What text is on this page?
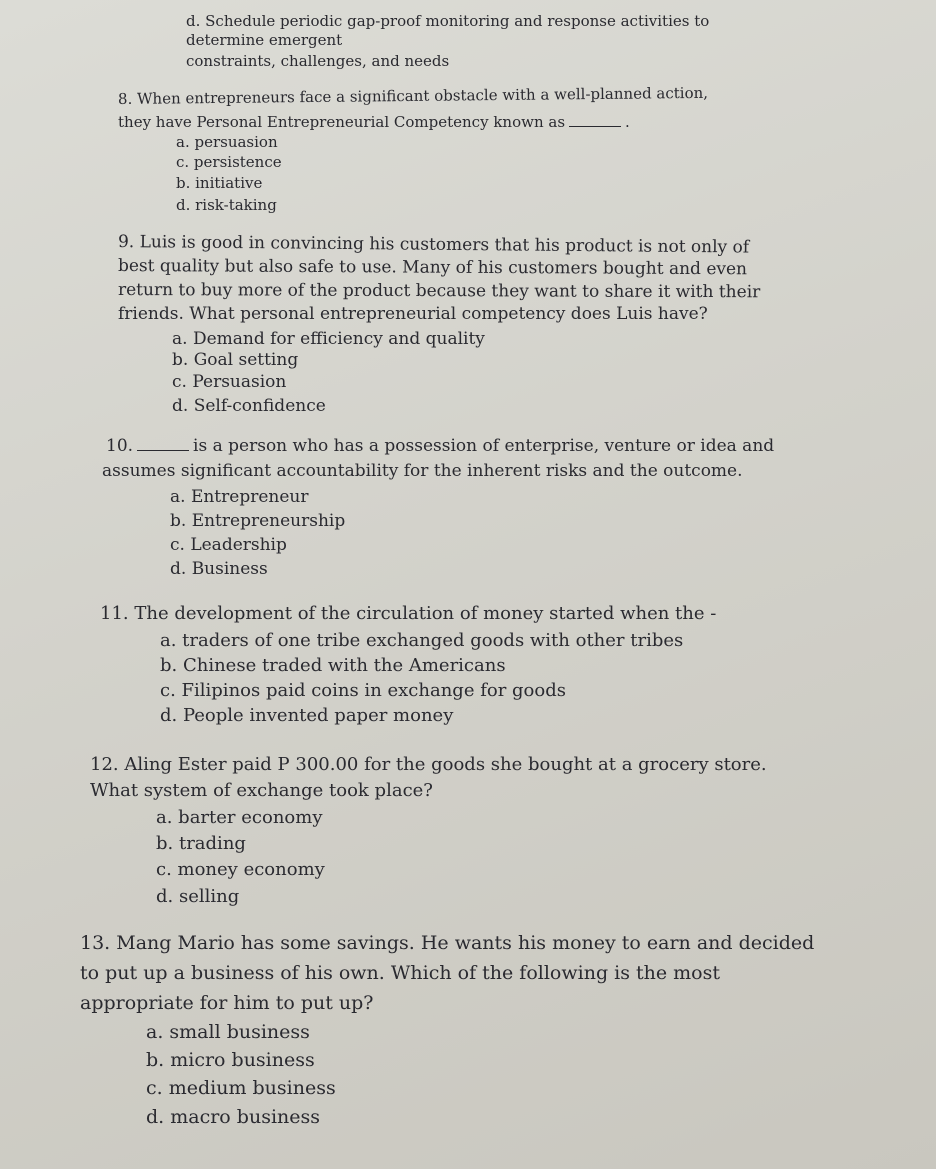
d. Schedule periodic gap-proof monitoring and response activities to

determine emergent

constraints, challenges, and needs

8. When entrepreneurs face a significant obstacle with a well-planned action,

they have Personal Entrepreneurial Competency known as	.

a. persuasion

c. persistence

b. initiative

d. risk-taking

9. Luis is good in convincing his customers that his product is not only of

best quality but also safe to use. Many of his customers bought and even

return to buy more of the product because they want to share it with their

friends. What personal entrepreneurial competency does Luis have?

a. Demand for efficiency and quality

b. Goal setting

c. Persuasion

d. Self-confidence

10.	is a person who has a possession of enterprise, venture or idea and

assumes significant accountability for the inherent risks and the outcome.

a. Entrepreneur

b. Entrepreneurship

c. Leadership

d. Business

11. The development of the circulation of money started when the -

a. traders of one tribe exchanged goods with other tribes

b. Chinese traded with the Americans

c. Filipinos paid coins in exchange for goods

d. People invented paper money

12. Aling Ester paid P 300.00 for the goods she bought at a grocery store.

What system of exchange took place?

a. barter economy

b. trading

c. money economy

d. selling

13. Mang Mario has some savings. He wants his money to earn and decided

to put up a business of his own. Which of the following is the most

appropriate for him to put up?

a. small business

b. micro business

c. medium business

d. macro business
